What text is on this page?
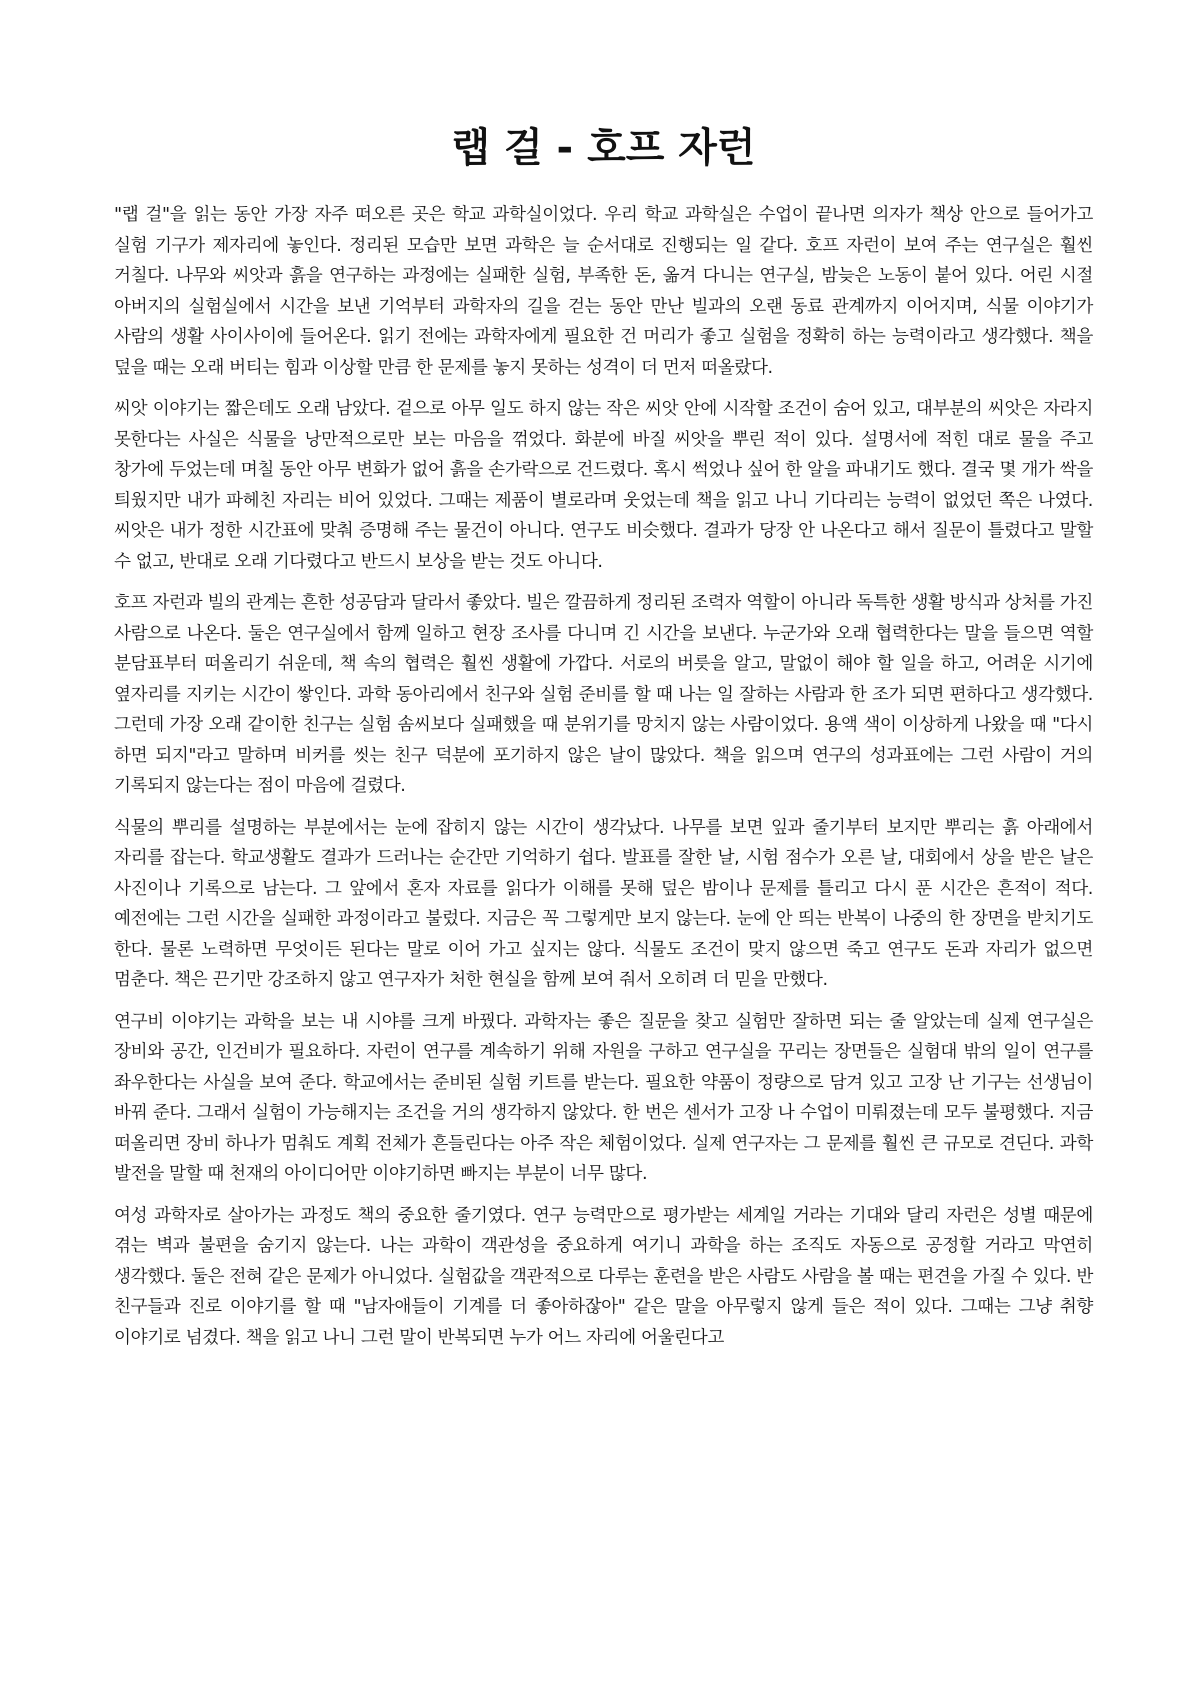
랩 걸 - 호프 자런

"랩 걸"을 읽는 동안 가장 자주 떠오른 곳은 학교 과학실이었다. 우리 학교 과학실은 수업이 끝나면 의자가 책상 안으로 들어가고 실험 기구가 제자리에 놓인다. 정리된 모습만 보면 과학은 늘 순서대로 진행되는 일 같다. 호프 자런이 보여 주는 연구실은 훨씬 거칠다. 나무와 씨앗과 흙을 연구하는 과정에는 실패한 실험, 부족한 돈, 옮겨 다니는 연구실, 밤늦은 노동이 붙어 있다. 어린 시절 아버지의 실험실에서 시간을 보낸 기억부터 과학자의 길을 걷는 동안 만난 빌과의 오랜 동료 관계까지 이어지며, 식물 이야기가 사람의 생활 사이사이에 들어온다. 읽기 전에는 과학자에게 필요한 건 머리가 좋고 실험을 정확히 하는 능력이라고 생각했다. 책을 덮을 때는 오래 버티는 힘과 이상할 만큼 한 문제를 놓지 못하는 성격이 더 먼저 떠올랐다.

씨앗 이야기는 짧은데도 오래 남았다. 겉으로 아무 일도 하지 않는 작은 씨앗 안에 시작할 조건이 숨어 있고, 대부분의 씨앗은 자라지 못한다는 사실은 식물을 낭만적으로만 보는 마음을 꺾었다. 화분에 바질 씨앗을 뿌린 적이 있다. 설명서에 적힌 대로 물을 주고 창가에 두었는데 며칠 동안 아무 변화가 없어 흙을 손가락으로 건드렸다. 혹시 썩었나 싶어 한 알을 파내기도 했다. 결국 몇 개가 싹을 틔웠지만 내가 파헤친 자리는 비어 있었다. 그때는 제품이 별로라며 웃었는데 책을 읽고 나니 기다리는 능력이 없었던 쪽은 나였다. 씨앗은 내가 정한 시간표에 맞춰 증명해 주는 물건이 아니다. 연구도 비슷했다. 결과가 당장 안 나온다고 해서 질문이 틀렸다고 말할 수 없고, 반대로 오래 기다렸다고 반드시 보상을 받는 것도 아니다.

호프 자런과 빌의 관계는 흔한 성공담과 달라서 좋았다. 빌은 깔끔하게 정리된 조력자 역할이 아니라 독특한 생활 방식과 상처를 가진 사람으로 나온다. 둘은 연구실에서 함께 일하고 현장 조사를 다니며 긴 시간을 보낸다. 누군가와 오래 협력한다는 말을 들으면 역할 분담표부터 떠올리기 쉬운데, 책 속의 협력은 훨씬 생활에 가깝다. 서로의 버릇을 알고, 말없이 해야 할 일을 하고, 어려운 시기에 옆자리를 지키는 시간이 쌓인다. 과학 동아리에서 친구와 실험 준비를 할 때 나는 일 잘하는 사람과 한 조가 되면 편하다고 생각했다. 그런데 가장 오래 같이한 친구는 실험 솜씨보다 실패했을 때 분위기를 망치지 않는 사람이었다. 용액 색이 이상하게 나왔을 때 "다시 하면 되지"라고 말하며 비커를 씻는 친구 덕분에 포기하지 않은 날이 많았다. 책을 읽으며 연구의 성과표에는 그런 사람이 거의 기록되지 않는다는 점이 마음에 걸렸다.

식물의 뿌리를 설명하는 부분에서는 눈에 잡히지 않는 시간이 생각났다. 나무를 보면 잎과 줄기부터 보지만 뿌리는 흙 아래에서 자리를 잡는다. 학교생활도 결과가 드러나는 순간만 기억하기 쉽다. 발표를 잘한 날, 시험 점수가 오른 날, 대회에서 상을 받은 날은 사진이나 기록으로 남는다. 그 앞에서 혼자 자료를 읽다가 이해를 못해 덮은 밤이나 문제를 틀리고 다시 푼 시간은 흔적이 적다. 예전에는 그런 시간을 실패한 과정이라고 불렀다. 지금은 꼭 그렇게만 보지 않는다. 눈에 안 띄는 반복이 나중의 한 장면을 받치기도 한다. 물론 노력하면 무엇이든 된다는 말로 이어 가고 싶지는 않다. 식물도 조건이 맞지 않으면 죽고 연구도 돈과 자리가 없으면 멈춘다. 책은 끈기만 강조하지 않고 연구자가 처한 현실을 함께 보여 줘서 오히려 더 믿을 만했다.

연구비 이야기는 과학을 보는 내 시야를 크게 바꿨다. 과학자는 좋은 질문을 찾고 실험만 잘하면 되는 줄 알았는데 실제 연구실은 장비와 공간, 인건비가 필요하다. 자런이 연구를 계속하기 위해 자원을 구하고 연구실을 꾸리는 장면들은 실험대 밖의 일이 연구를 좌우한다는 사실을 보여 준다. 학교에서는 준비된 실험 키트를 받는다. 필요한 약품이 정량으로 담겨 있고 고장 난 기구는 선생님이 바꿔 준다. 그래서 실험이 가능해지는 조건을 거의 생각하지 않았다. 한 번은 센서가 고장 나 수업이 미뤄졌는데 모두 불평했다. 지금 떠올리면 장비 하나가 멈춰도 계획 전체가 흔들린다는 아주 작은 체험이었다. 실제 연구자는 그 문제를 훨씬 큰 규모로 견딘다. 과학 발전을 말할 때 천재의 아이디어만 이야기하면 빠지는 부분이 너무 많다.

여성 과학자로 살아가는 과정도 책의 중요한 줄기였다. 연구 능력만으로 평가받는 세계일 거라는 기대와 달리 자런은 성별 때문에 겪는 벽과 불편을 숨기지 않는다. 나는 과학이 객관성을 중요하게 여기니 과학을 하는 조직도 자동으로 공정할 거라고 막연히 생각했다. 둘은 전혀 같은 문제가 아니었다. 실험값을 객관적으로 다루는 훈련을 받은 사람도 사람을 볼 때는 편견을 가질 수 있다. 반 친구들과 진로 이야기를 할 때 "남자애들이 기계를 더 좋아하잖아" 같은 말을 아무렇지 않게 들은 적이 있다. 그때는 그냥 취향 이야기로 넘겼다. 책을 읽고 나니 그런 말이 반복되면 누가 어느 자리에 어울린다고
